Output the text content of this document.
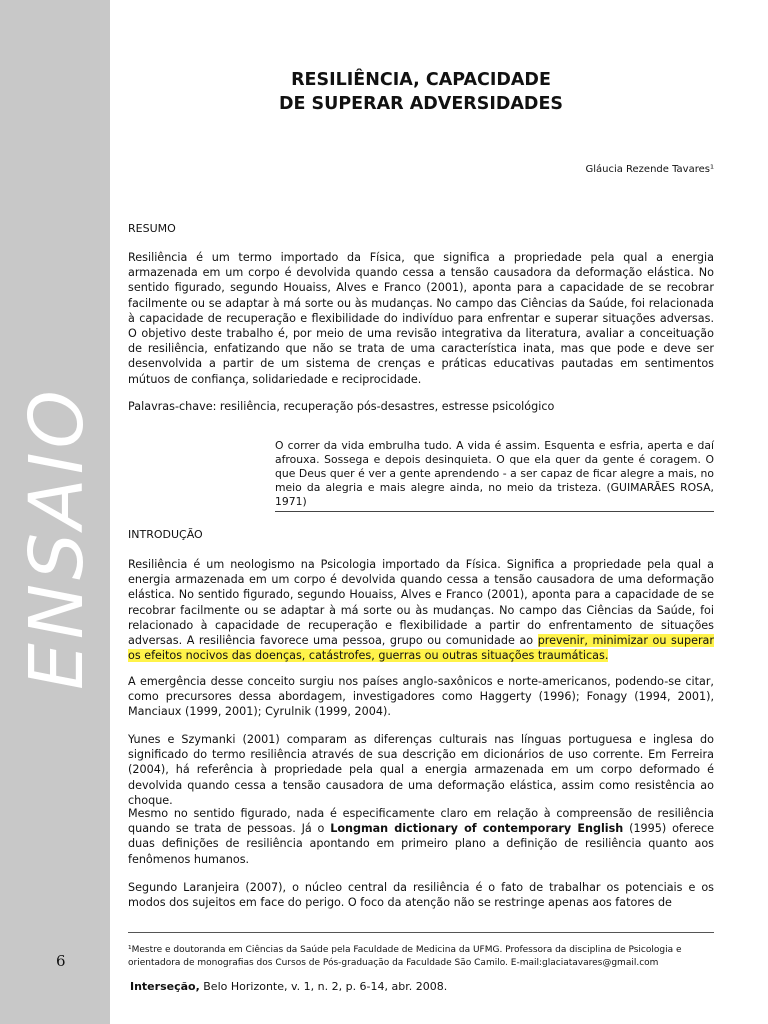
ENSAIO
6
RESILIÊNCIA, CAPACIDADE
DE SUPERAR ADVERSIDADES
Gláucia Rezende Tavares¹
RESUMO
Resiliência é um termo importado da Física, que significa a propriedade pela qual a energia armazenada em um corpo é devolvida quando cessa a tensão causadora da deformação elástica. No sentido figurado, segundo Houaiss, Alves e Franco (2001), aponta para a capacidade de se recobrar facilmente ou se adaptar à má sorte ou às mudanças. No campo das Ciências da Saúde, foi relacionada à capacidade de recuperação e flexibilidade do indivíduo para enfrentar e superar situações adversas. O objetivo deste trabalho é, por meio de uma revisão integrativa da literatura, avaliar a conceituação de resiliência, enfatizando que não se trata de uma característica inata, mas que pode e deve ser desenvolvida a partir de um sistema de crenças e práticas educativas pautadas em sentimentos mútuos de confiança, solidariedade e reciprocidade.
Palavras-chave: resiliência, recuperação pós-desastres, estresse psicológico
O correr da vida embrulha tudo. A vida é assim. Esquenta e esfria, aperta e daí afrouxa. Sossega e depois desinquieta. O que ela quer da gente é coragem. O que Deus quer é ver a gente aprendendo - a ser capaz de ficar alegre a mais, no meio da alegria e mais alegre ainda, no meio da tristeza. (GUIMARÃES ROSA, 1971)
INTRODUÇÃO
Resiliência é um neologismo na Psicologia importado da Física. Significa a propriedade pela qual a energia armazenada em um corpo é devolvida quando cessa a tensão causadora de uma deformação elástica. No sentido figurado, segundo Houaiss, Alves e Franco (2001), aponta para a capacidade de se recobrar facilmente ou se adaptar à má sorte ou às mudanças. No campo das Ciências da Saúde, foi relacionado à capacidade de recuperação e flexibilidade a partir do enfrentamento de situações adversas. A resiliência favorece uma pessoa, grupo ou comunidade ao prevenir, minimizar ou superar os efeitos nocivos das doenças, catástrofes, guerras ou outras situações traumáticas.
A emergência desse conceito surgiu nos países anglo-saxônicos e norte-americanos, podendo-se citar, como precursores dessa abordagem, investigadores como Haggerty (1996); Fonagy (1994, 2001), Manciaux (1999, 2001); Cyrulnik (1999, 2004).
Yunes e Szymanki (2001) comparam as diferenças culturais nas línguas portuguesa e inglesa do significado do termo resiliência através de sua descrição em dicionários de uso corrente. Em Ferreira (2004), há referência à propriedade pela qual a energia armazenada em um corpo deformado é devolvida quando cessa a tensão causadora de uma deformação elástica, assim como resistência ao choque.
Mesmo no sentido figurado, nada é especificamente claro em relação à compreensão de resiliência quando se trata de pessoas. Já o Longman dictionary of contemporary English (1995) oferece duas definições de resiliência apontando em primeiro plano a definição de resiliência quanto aos fenômenos humanos.
Segundo Laranjeira (2007), o núcleo central da resiliência é o fato de trabalhar os potenciais e os modos dos sujeitos em face do perigo. O foco da atenção não se restringe apenas aos fatores de
¹Mestre e doutoranda em Ciências da Saúde pela Faculdade de Medicina da UFMG. Professora da disciplina de Psicologia e orientadora de monografias dos Cursos de Pós-graduação da Faculdade São Camilo. E-mail:glaciatavares@gmail.com
Interseção, Belo Horizonte, v. 1, n. 2, p. 6-14, abr. 2008.
